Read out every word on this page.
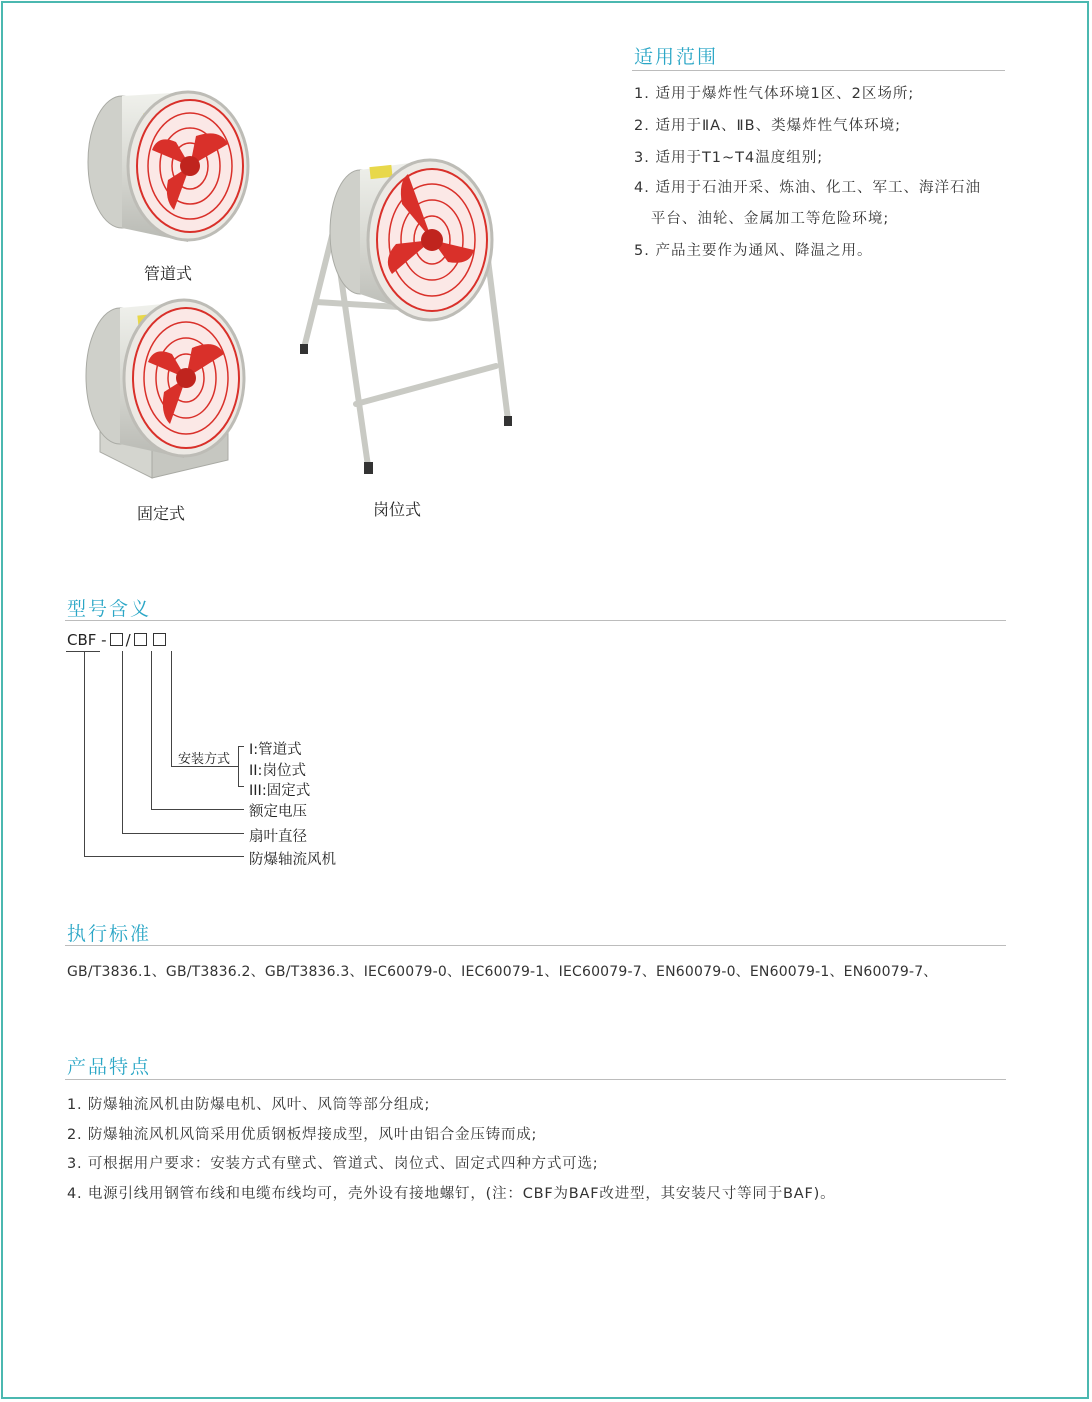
管道式
固定式	岗位式
适用范围
1. 适用于爆炸性气体环境1区、2区场所;
2. 适用于ⅡA、ⅡB、类爆炸性气体环境;
3. 适用于T1~T4温度组别;
4. 适用于石油开采、炼油、化工、军工、海洋石油
平台、油轮、金属加工等危险环境;
5. 产品主要作为通风、降温之用。
型号含义
CBF - /
安装方式
I:管道式
II:岗位式
III:固定式
额定电压
扇叶直径
防爆轴流风机
执行标准
GB/T3836.1、GB/T3836.2、GB/T3836.3、IEC60079-0、IEC60079-1、IEC60079-7、EN60079-0、EN60079-1、EN60079-7、
产品特点
1. 防爆轴流风机由防爆电机、风叶、风筒等部分组成;
2. 防爆轴流风机风筒采用优质钢板焊接成型，风叶由铝合金压铸而成;
3. 可根据用户要求：安装方式有壁式、管道式、岗位式、固定式四种方式可选;
4. 电源引线用钢管布线和电缆布线均可，壳外设有接地螺钉，(注：CBF为BAF改进型，其安装尺寸等同于BAF)。
